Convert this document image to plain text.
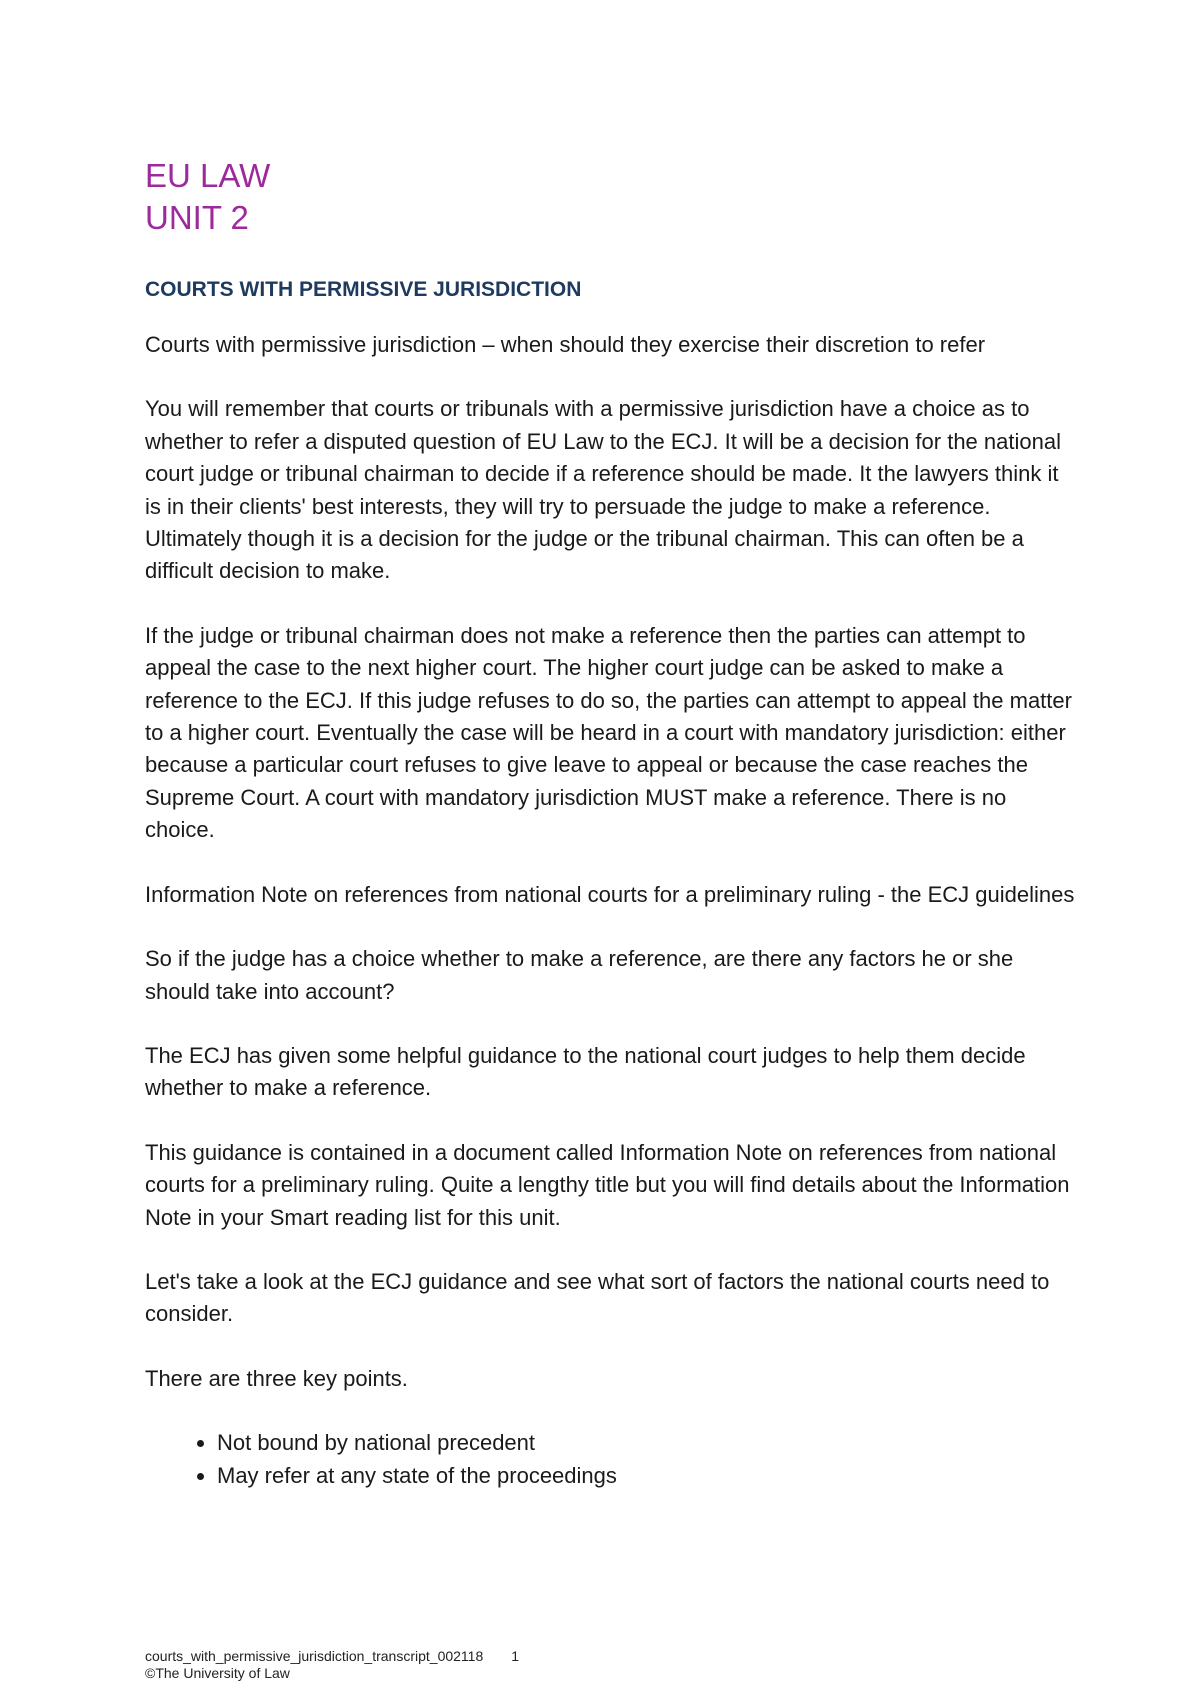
EU LAW
UNIT 2
COURTS WITH PERMISSIVE JURISDICTION

Courts with permissive jurisdiction – when should they exercise their discretion to refer

You will remember that courts or tribunals with a permissive jurisdiction have a choice as to whether to refer a disputed question of EU Law to the ECJ. It will be a decision for the national court judge or tribunal chairman to decide if a reference should be made. It the lawyers think it is in their clients' best interests, they will try to persuade the judge to make a reference. Ultimately though it is a decision for the judge or the tribunal chairman. This can often be a difficult decision to make.

If the judge or tribunal chairman does not make a reference then the parties can attempt to appeal the case to the next higher court. The higher court judge can be asked to make a reference to the ECJ. If this judge refuses to do so, the parties can attempt to appeal the matter to a higher court. Eventually the case will be heard in a court with mandatory jurisdiction: either because a particular court refuses to give leave to appeal or because the case reaches the Supreme Court. A court with mandatory jurisdiction MUST make a reference. There is no choice.

Information Note on references from national courts for a preliminary ruling - the ECJ guidelines

So if the judge has a choice whether to make a reference, are there any factors he or she should take into account?

The ECJ has given some helpful guidance to the national court judges to help them decide whether to make a reference.

This guidance is contained in a document called Information Note on references from national courts for a preliminary ruling. Quite a lengthy title but you will find details about the Information Note in your Smart reading list for this unit.

Let's take a look at the ECJ guidance and see what sort of factors the national courts need to consider.

There are three key points.

• Not bound by national precedent
• May refer at any state of the proceedings
courts_with_permissive_jurisdiction_transcript_002118 1
©The University of Law
